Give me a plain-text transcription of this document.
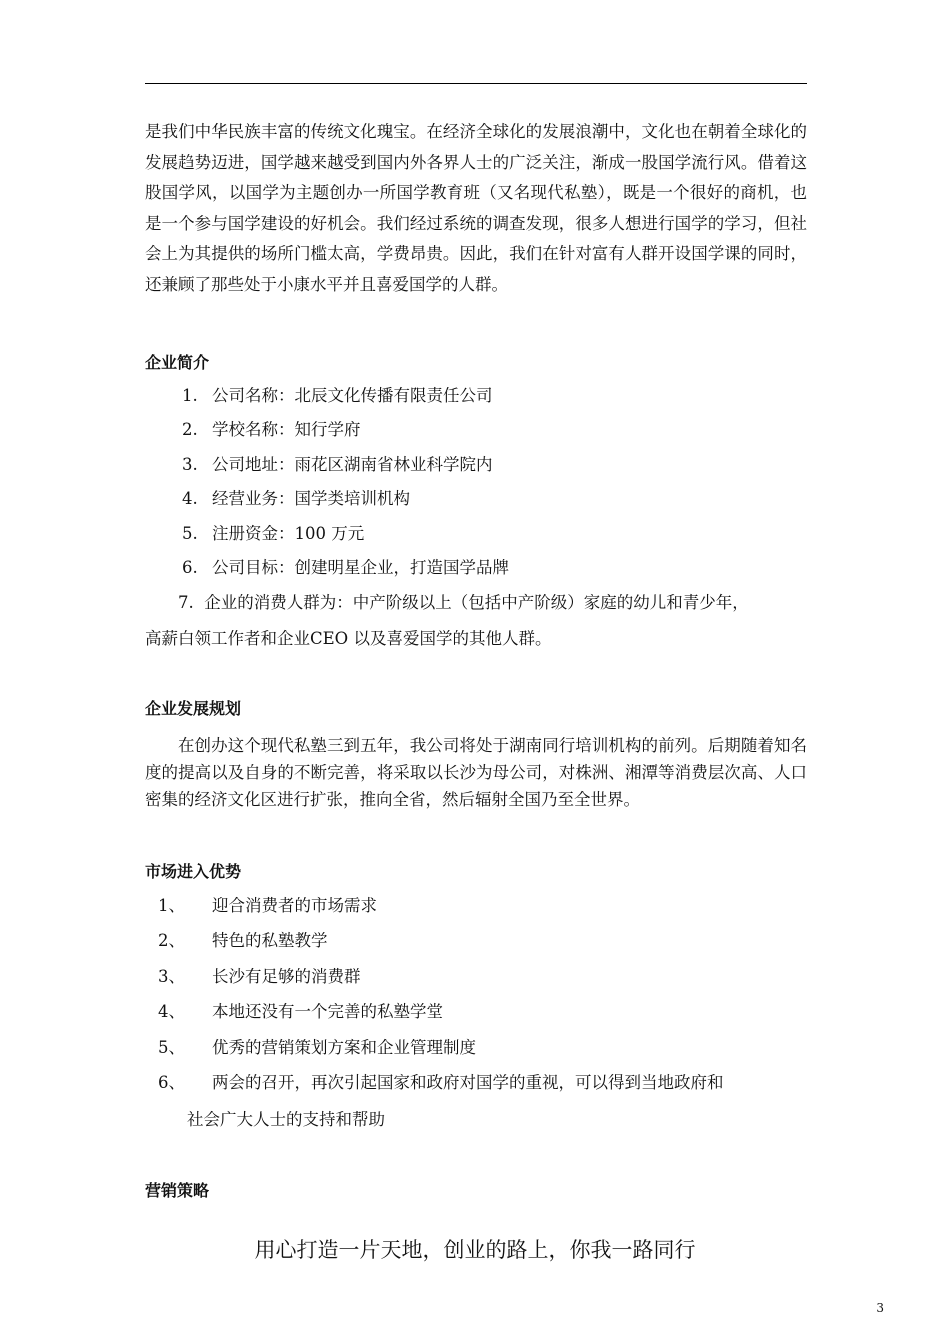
是我们中华民族丰富的传统文化瑰宝。在经济全球化的发展浪潮中，文化也在朝着全球化的发展趋势迈进，国学越来越受到国内外各界人士的广泛关注，渐成一股国学流行风。借着这股国学风，以国学为主题创办一所国学教育班（又名现代私塾），既是一个很好的商机，也是一个参与国学建设的好机会。我们经过系统的调查发现，很多人想进行国学的学习，但社会上为其提供的场所门槛太高，学费昂贵。因此，我们在针对富有人群开设国学课的同时，还兼顾了那些处于小康水平并且喜爱国学的人群。

企业简介

1. 公司名称：北辰文化传播有限责任公司

2. 学校名称：知行学府

3. 公司地址：雨花区湖南省林业科学院内

4. 经营业务：国学类培训机构

5. 注册资金：100 万元

6. 公司目标：创建明星企业，打造国学品牌

7.  企业的消费人群为：中产阶级以上（包括中产阶级）家庭的幼儿和青少年，

高薪白领工作者和企业CEO 以及喜爱国学的其他人群。

企业发展规划

在创办这个现代私塾三到五年，我公司将处于湖南同行培训机构的前列。后期随着知名度的提高以及自身的不断完善，将采取以长沙为母公司，对株洲、湘潭等消费层次高、人口密集的经济文化区进行扩张，推向全省，然后辐射全国乃至全世界。

市场进入优势

1、 迎合消费者的市场需求

2、 特色的私塾教学

3、 长沙有足够的消费群

4、 本地还没有一个完善的私塾学堂

5、 优秀的营销策划方案和企业管理制度

6、 两会的召开，再次引起国家和政府对国学的重视，可以得到当地政府和

社会广大人士的支持和帮助

营销策略

用心打造一片天地，创业的路上，你我一路同行

3
